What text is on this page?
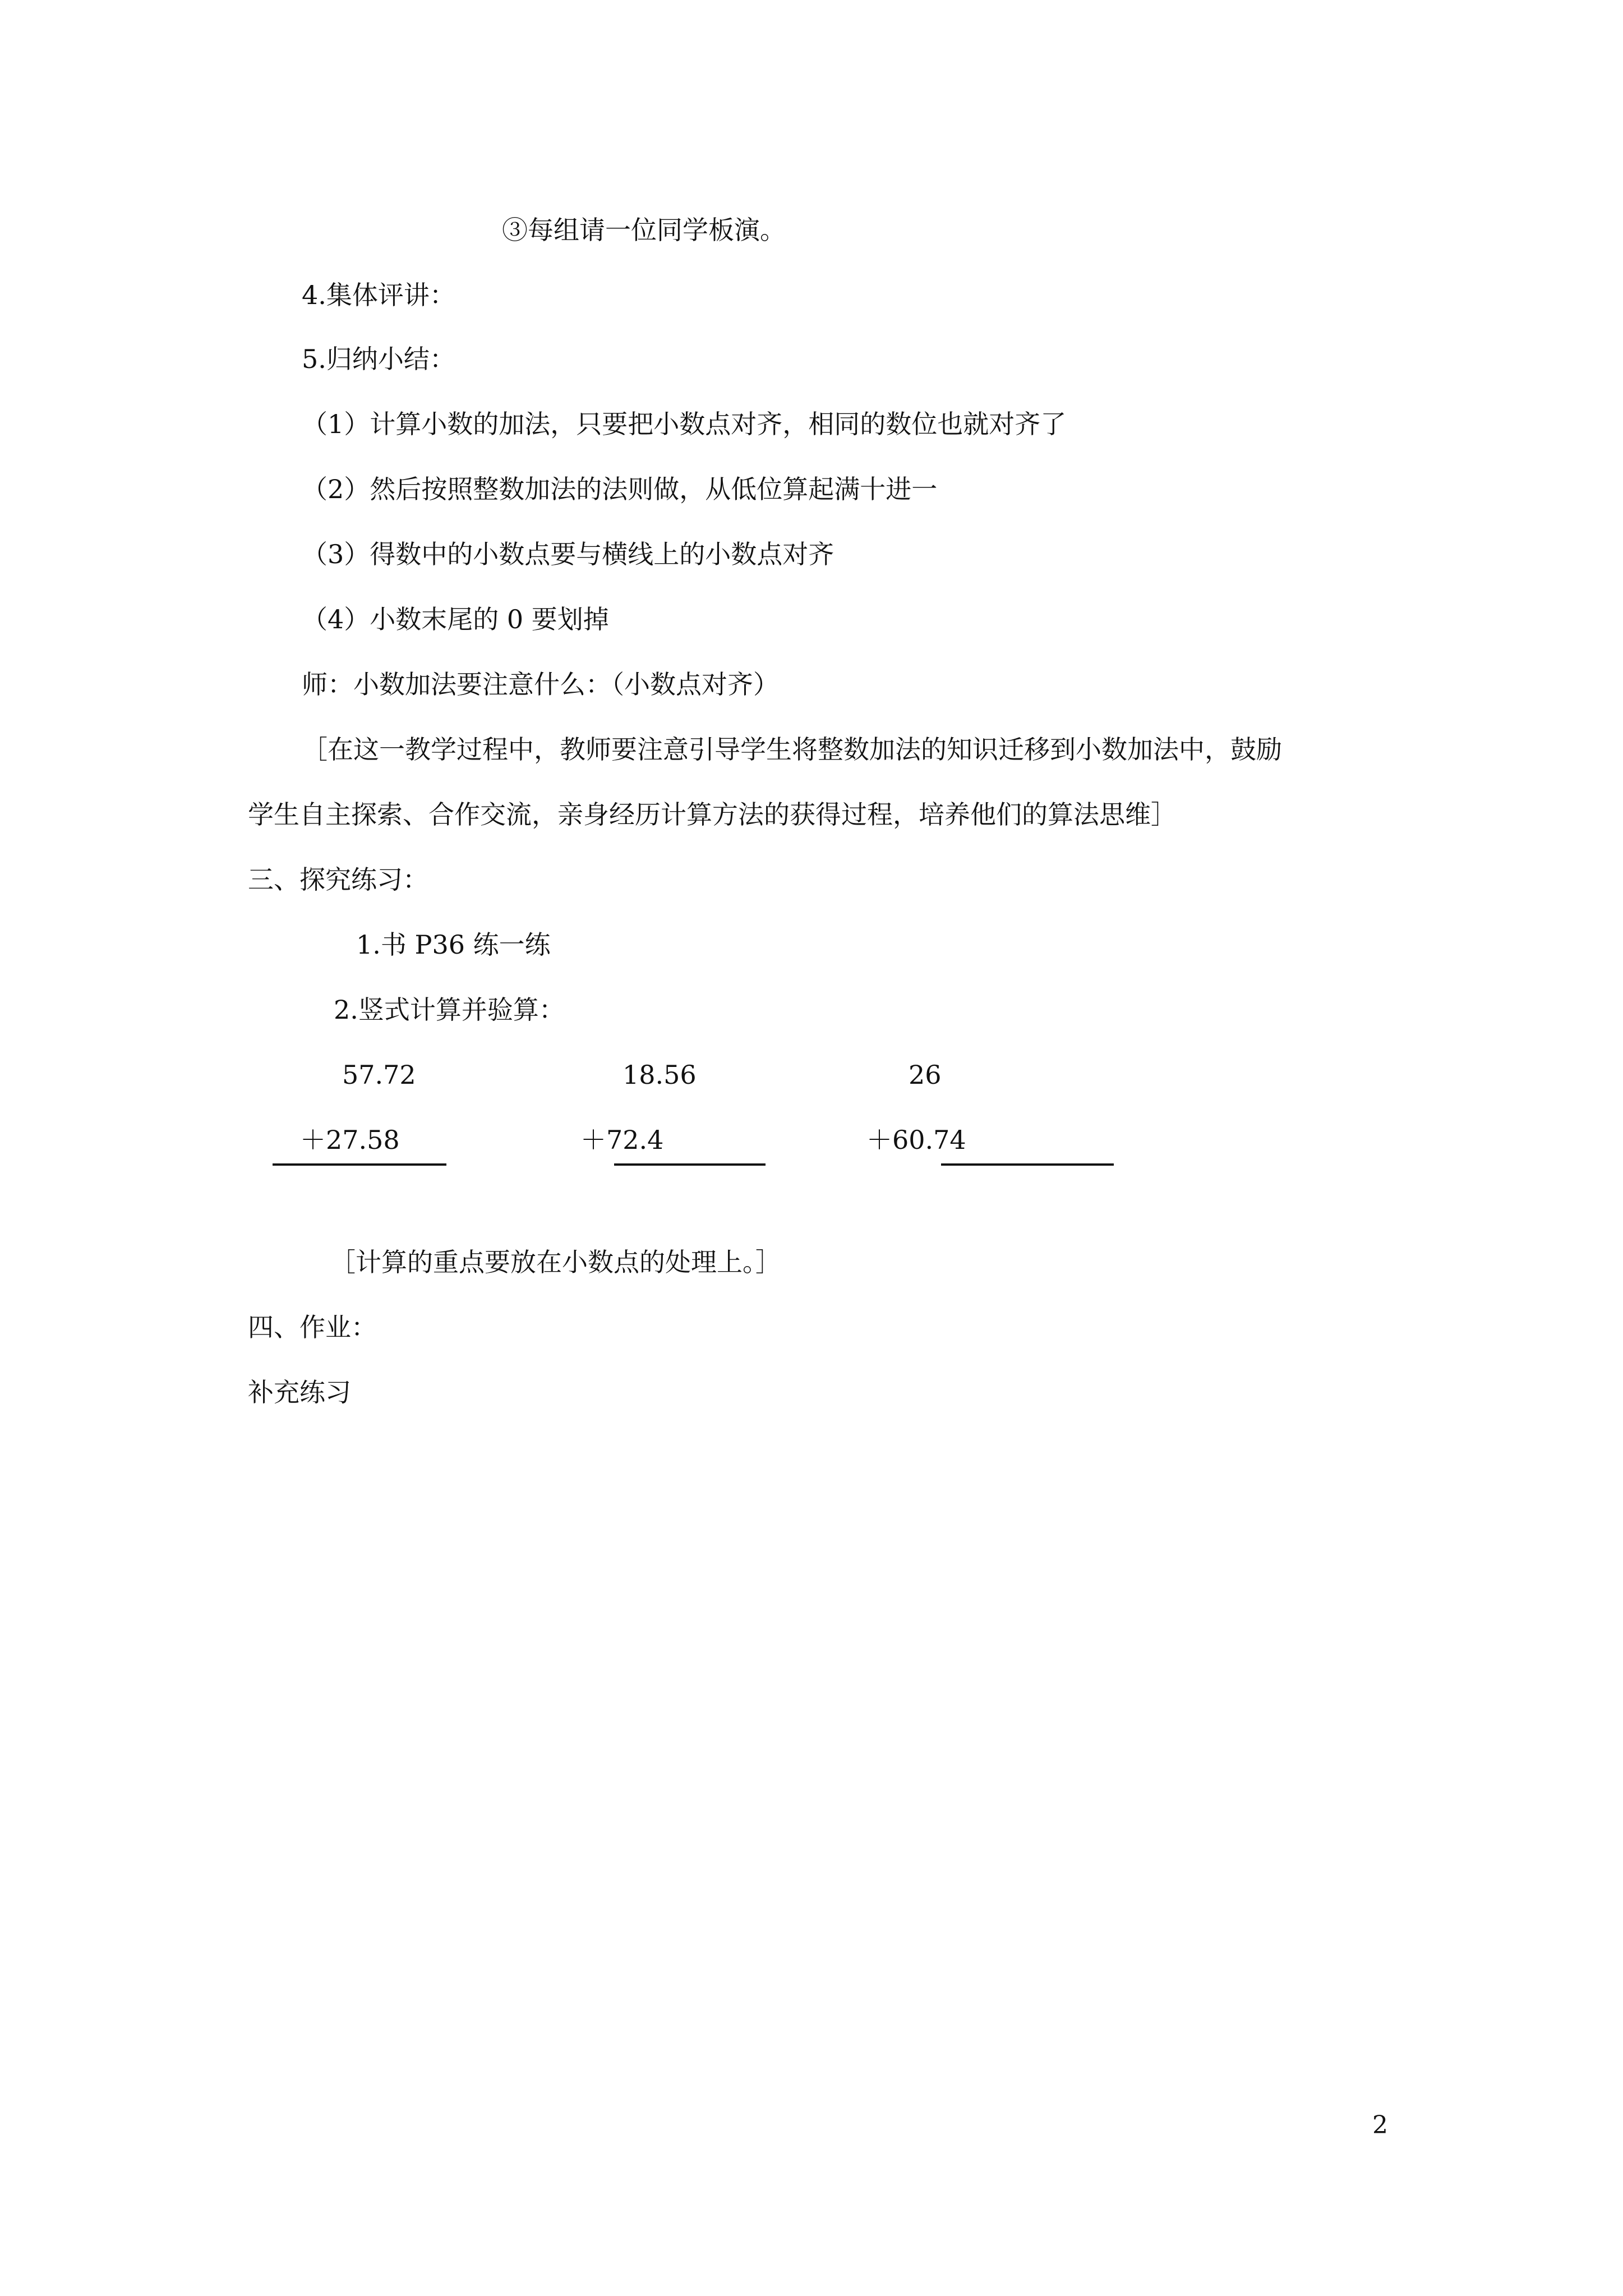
③每组请一位同学板演。
4.集体评讲：
5.归纳小结：
（1）计算小数的加法，只要把小数点对齐，相同的数位也就对齐了
（2）然后按照整数加法的法则做，从低位算起满十进一
（3）得数中的小数点要与横线上的小数点对齐
（4）小数末尾的 0 要划掉
师：小数加法要注意什么：（小数点对齐）
［在这一教学过程中，教师要注意引导学生将整数加法的知识迁移到小数加法中，鼓励
学生自主探索、合作交流，亲身经历计算方法的获得过程，培养他们的算法思维］
三、探究练习：
1.书 P36 练一练
2.竖式计算并验算：
57.72	18.56	26
＋27.58	＋72.4	＋60.74
［计算的重点要放在小数点的处理上。］
四、作业：
补充练习
2
